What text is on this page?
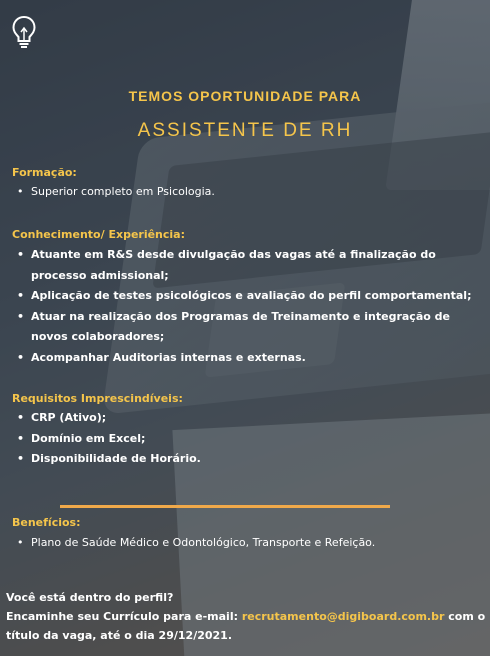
TEMOS OPORTUNIDADE PARA
ASSISTENTE DE RH
Formação:
• Superior completo em Psicologia.
Conhecimento/ Experiência:
• Atuante em R&S desde divulgação das vagas até a finalização do processo admissional;
• Aplicação de testes psicológicos e avaliação do perfil comportamental;
• Atuar na realização dos Programas de Treinamento e integração de novos colaboradores;
• Acompanhar Auditorias internas e externas.
Requisitos Imprescindíveis:
• CRP (Ativo);
• Domínio em Excel;
• Disponibilidade de Horário.
Benefícios:
• Plano de Saúde Médico e Odontológico, Transporte e Refeição.
Você está dentro do perfil?
Encaminhe seu Currículo para e-mail: recrutamento@digiboard.com.br com o título da vaga, até o dia 29/12/2021.
